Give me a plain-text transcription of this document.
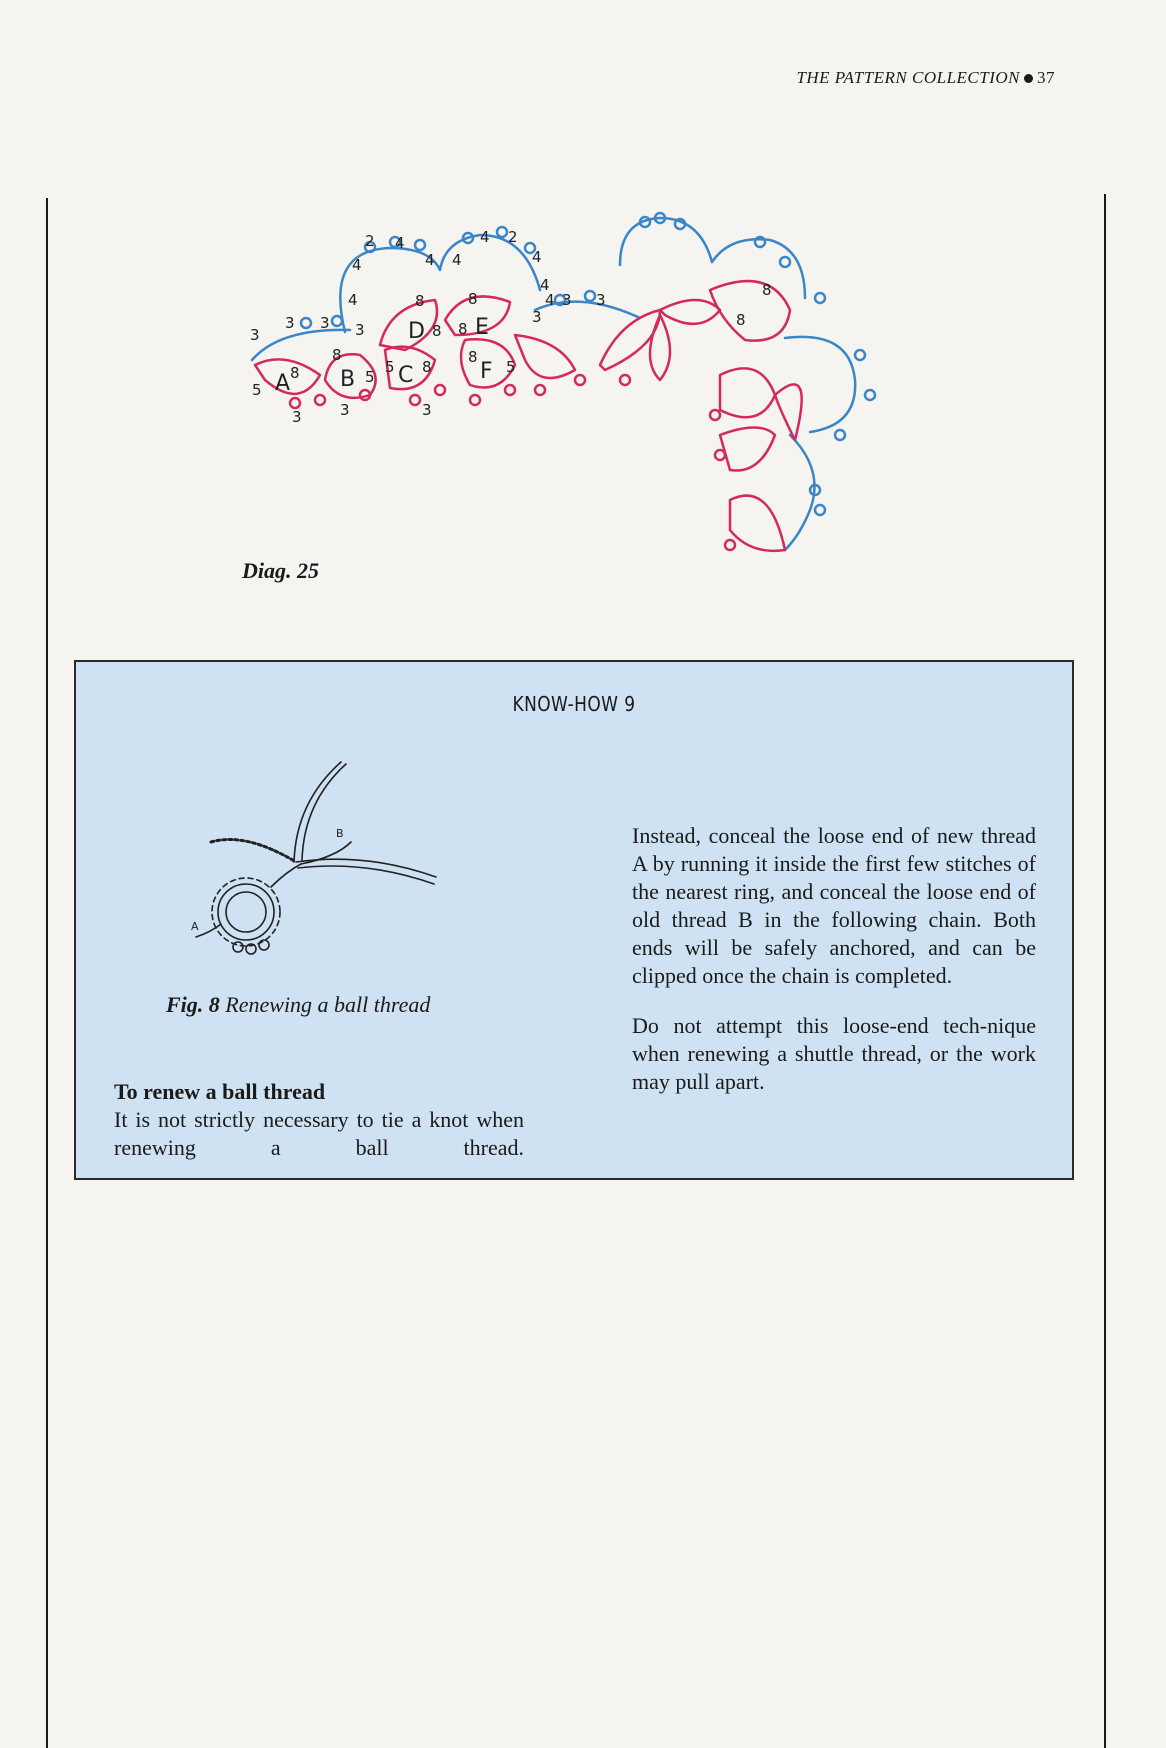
THE PATTERN COLLECTION 37
A B C
D E
F
3
3 3 3
5
8
3
8
5
5 8
3
8
8
8
8
3
8
5
4
4
2 4
4 4
4 2
4
4
4 3 3
3
8
8
Diag. 25
KNOW-HOW 9
A
B
Fig. 8 Renewing a ball thread
To renew a ball thread

It is not strictly necessary to tie a knot when renewing a ball thread.

Instead, conceal the loose end of new thread A by running it inside the first few stitches of the nearest ring, and conceal the loose end of old thread B in the following chain. Both ends will be safely anchored, and can be clipped once the chain is completed.

Do not attempt this loose-end tech-nique when renewing a shuttle thread, or the work may pull apart.
